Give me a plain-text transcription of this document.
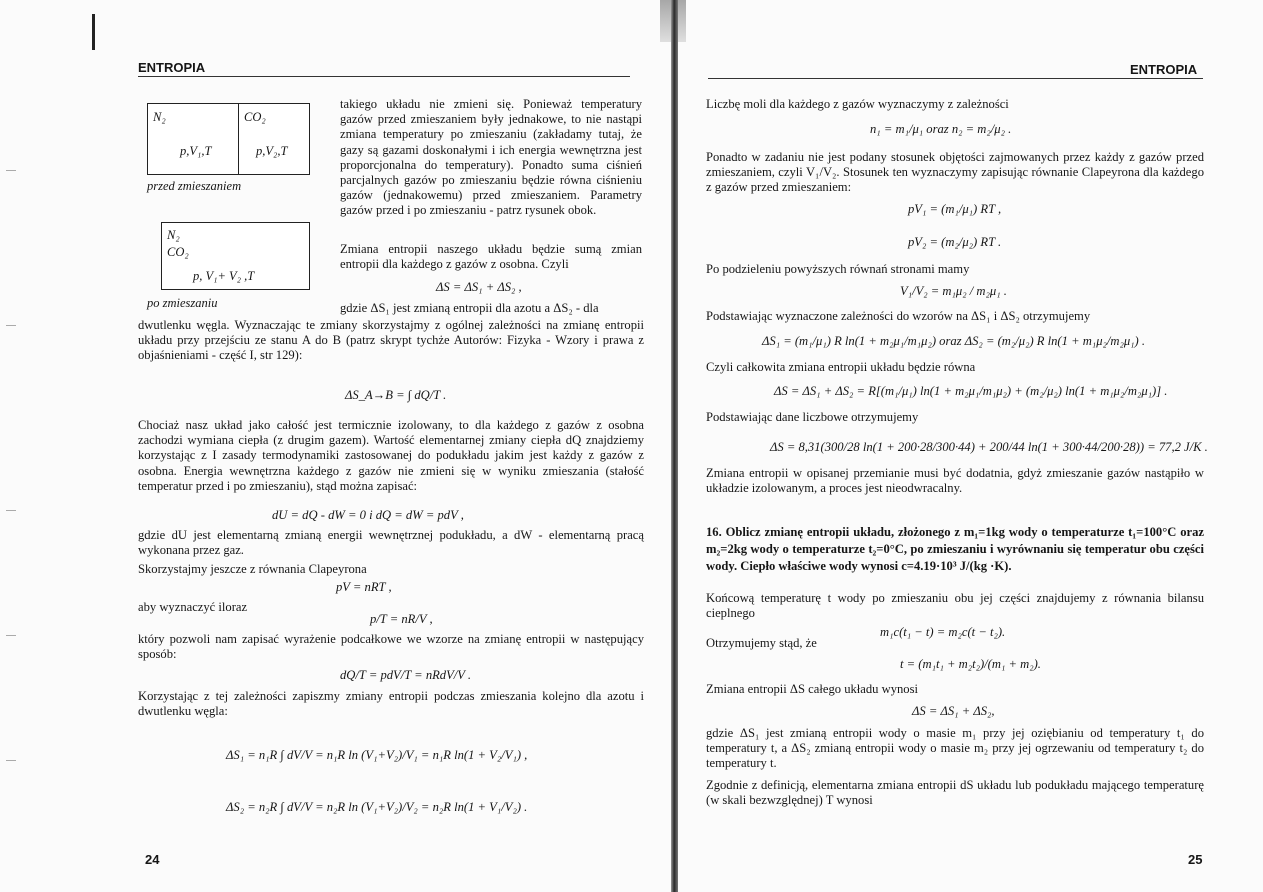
ENTROPIA
N₂	CO₂
p,V₁,T	p,V₂,T
przed zmieszaniem
N₂
CO₂
p, V₁+ V₂ ,T
po zmieszaniu
takiego układu nie zmieni się. Ponieważ temperatury gazów przed zmieszaniem były jednakowe, to nie nastąpi zmiana temperatury po zmieszaniu (zakładamy tutaj, że gazy są gazami doskonałymi i ich energia wewnętrzna jest proporcjonalna do temperatury). Ponadto suma ciśnień parcjalnych gazów po zmieszaniu będzie równa ciśnieniu gazów (jednakowemu) przed zmieszaniem. Parametry gazów przed i po zmieszaniu - patrz rysunek obok.
Zmiana entropii naszego układu będzie sumą zmian entropii dla każdego z gazów z osobna. Czyli
ΔS = ΔS₁ + ΔS₂ ,
gdzie ΔS₁ jest zmianą entropii dla azotu a ΔS₂ - dla
dwutlenku węgla. Wyznaczając te zmiany skorzystajmy z ogólnej zależności na zmianę entropii układu przy przejściu ze stanu A do B (patrz skrypt tychże Autorów: Fizyka - Wzory i prawa z objaśnieniami - część I, str 129):
ΔS_A→B = ∫ dQ/T .
Chociaż nasz układ jako całość jest termicznie izolowany, to dla każdego z gazów z osobna zachodzi wymiana ciepła (z drugim gazem). Wartość elementarnej zmiany ciepła dQ znajdziemy korzystając z I zasady termodynamiki zastosowanej do podukładu jakim jest każdy z gazów z osobna. Energia wewnętrzna każdego z gazów nie zmieni się w wyniku zmieszania (stałość temperatur przed i po zmieszaniu), stąd można zapisać:
dU = dQ - dW = 0 i dQ = dW = pdV ,
gdzie dU jest elementarną zmianą energii wewnętrznej podukładu, a dW - elementarną pracą wykonana przez gaz.
Skorzystajmy jeszcze z równania Clapeyrona
pV = nRT ,
aby wyznaczyć iloraz
p/T = nR/V ,
który pozwoli nam zapisać wyrażenie podcałkowe we wzorze na zmianę entropii w następujący sposób:
dQ/T = pdV/T = nRdV/V .
Korzystając z tej zależności zapiszmy zmiany entropii podczas zmieszania kolejno dla azotu i dwutlenku węgla:
ΔS₁ = n₁R ∫ dV/V = n₁R ln (V₁+V₂)/V₁ = n₁R ln(1 + V₂/V₁) ,
ΔS₂ = n₂R ∫ dV/V = n₂R ln (V₁+V₂)/V₂ = n₂R ln(1 + V₁/V₂) .
24
ENTROPIA
Liczbę moli dla każdego z gazów wyznaczymy z zależności
n₁ = m₁/μ₁ oraz n₂ = m₂/μ₂ .
Ponadto w zadaniu nie jest podany stosunek objętości zajmowanych przez każdy z gazów przed zmieszaniem, czyli V₁/V₂. Stosunek ten wyznaczymy zapisując równanie Clapeyrona dla każdego z gazów przed zmieszaniem:
pV₁ = (m₁/μ₁) RT ,
pV₂ = (m₂/μ₂) RT .
Po podzieleniu powyższych równań stronami mamy
V₁/V₂ = m₁μ₂ / m₂μ₁ .
Podstawiając wyznaczone zależności do wzorów na ΔS₁ i ΔS₂ otrzymujemy
ΔS₁ = (m₁/μ₁) R ln(1 + m₂μ₁/m₁μ₂) oraz ΔS₂ = (m₂/μ₂) R ln(1 + m₁μ₂/m₂μ₁) .
Czyli całkowita zmiana entropii układu będzie równa
ΔS = ΔS₁ + ΔS₂ = R[(m₁/μ₁) ln(1 + m₂μ₁/m₁μ₂) + (m₂/μ₂) ln(1 + m₁μ₂/m₂μ₁)] .
Podstawiając dane liczbowe otrzymujemy
ΔS = 8,31(300/28 ln(1 + 200·28/300·44) + 200/44 ln(1 + 300·44/200·28)) = 77,2 J/K .
Zmiana entropii w opisanej przemianie musi być dodatnia, gdyż zmieszanie gazów nastąpiło w układzie izolowanym, a proces jest nieodwracalny.
16. Oblicz zmianę entropii układu, złożonego z m₁=1kg wody o temperaturze t₁=100°C oraz m₂=2kg wody o temperaturze t₂=0°C, po zmieszaniu i wyrównaniu się temperatur obu części wody. Ciepło właściwe wody wynosi c=4.19·10³ J/(kg ·K).
Końcową temperaturę t wody po zmieszaniu obu jej części znajdujemy z równania bilansu cieplnego
m₁c(t₁ − t) = m₂c(t − t₂).
Otrzymujemy stąd, że
t = (m₁t₁ + m₂t₂)/(m₁ + m₂).
Zmiana entropii ΔS całego układu wynosi
ΔS = ΔS₁ + ΔS₂,
gdzie ΔS₁ jest zmianą entropii wody o masie m₁ przy jej oziębianiu od temperatury t₁ do temperatury t, a ΔS₂ zmianą entropii wody o masie m₂ przy jej ogrzewaniu od temperatury t₂ do temperatury t.
Zgodnie z definicją, elementarna zmiana entropii dS układu lub podukładu mającego temperaturę (w skali bezwzględnej) T wynosi
25
